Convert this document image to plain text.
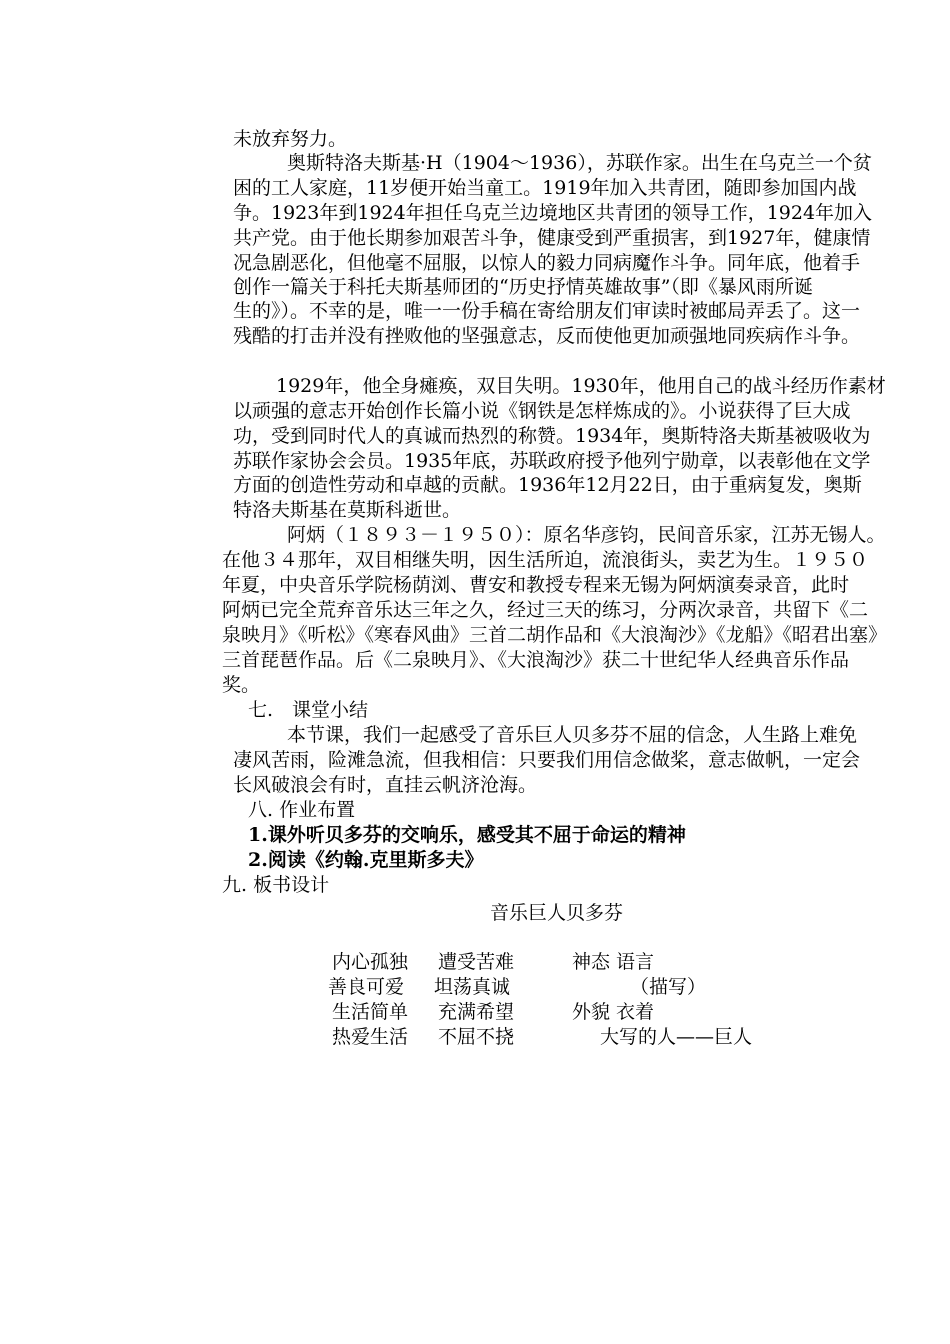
未放弃努力。
奥斯特洛夫斯基·H（1904～1936），苏联作家。出生在乌克兰一个贫
困的工人家庭，11岁便开始当童工。1919年加入共青团，随即参加国内战
争。1923年到1924年担任乌克兰边境地区共青团的领导工作，1924年加入
共产党。由于他长期参加艰苦斗争，健康受到严重损害，到1927年，健康情
况急剧恶化，但他毫不屈服，以惊人的毅力同病魔作斗争。同年底，他着手
创作一篇关于科托夫斯基师团的“历史抒情英雄故事”（即《暴风雨所诞
生的》）。不幸的是，唯一一份手稿在寄给朋友们审读时被邮局弄丢了。这一
残酷的打击并没有挫败他的坚强意志，反而使他更加顽强地同疾病作斗争。
1929年，他全身瘫痪，双目失明。1930年，他用自己的战斗经历作素材
以顽强的意志开始创作长篇小说《钢铁是怎样炼成的》。小说获得了巨大成
功，受到同时代人的真诚而热烈的称赞。1934年，奥斯特洛夫斯基被吸收为
苏联作家协会会员。1935年底，苏联政府授予他列宁勋章，以表彰他在文学
方面的创造性劳动和卓越的贡献。1936年12月22日，由于重病复发，奥斯
特洛夫斯基在莫斯科逝世。
阿炳（１８９３－１９５０）：原名华彦钧，民间音乐家，江苏无锡人。
在他３４那年，双目相继失明，因生活所迫，流浪街头，卖艺为生。１９５０
年夏，中央音乐学院杨荫浏、曹安和教授专程来无锡为阿炳演奏录音，此时
阿炳已完全荒弃音乐达三年之久，经过三天的练习，分两次录音，共留下《二
泉映月》《听松》《寒春风曲》三首二胡作品和《大浪淘沙》《龙船》《昭君出塞》
三首琵琶作品。后《二泉映月》、《大浪淘沙》获二十世纪华人经典音乐作品
奖。
七.　课堂小结
本节课，我们一起感受了音乐巨人贝多芬不屈的信念，人生路上难免
凄风苦雨，险滩急流，但我相信：只要我们用信念做桨，意志做帆，一定会
长风破浪会有时，直挂云帆济沧海。
八. 作业布置
1.课外听贝多芬的交响乐，感受其不屈于命运的精神
2.阅读《约翰.克里斯多夫》
九. 板书设计
音乐巨人贝多芬
内心孤独 遭受苦难	神态 语言
善良可爱 坦荡真诚	（描写）
生活简单 充满希望	外貌 衣着
热爱生活 不屈不挠	大写的人——巨人
